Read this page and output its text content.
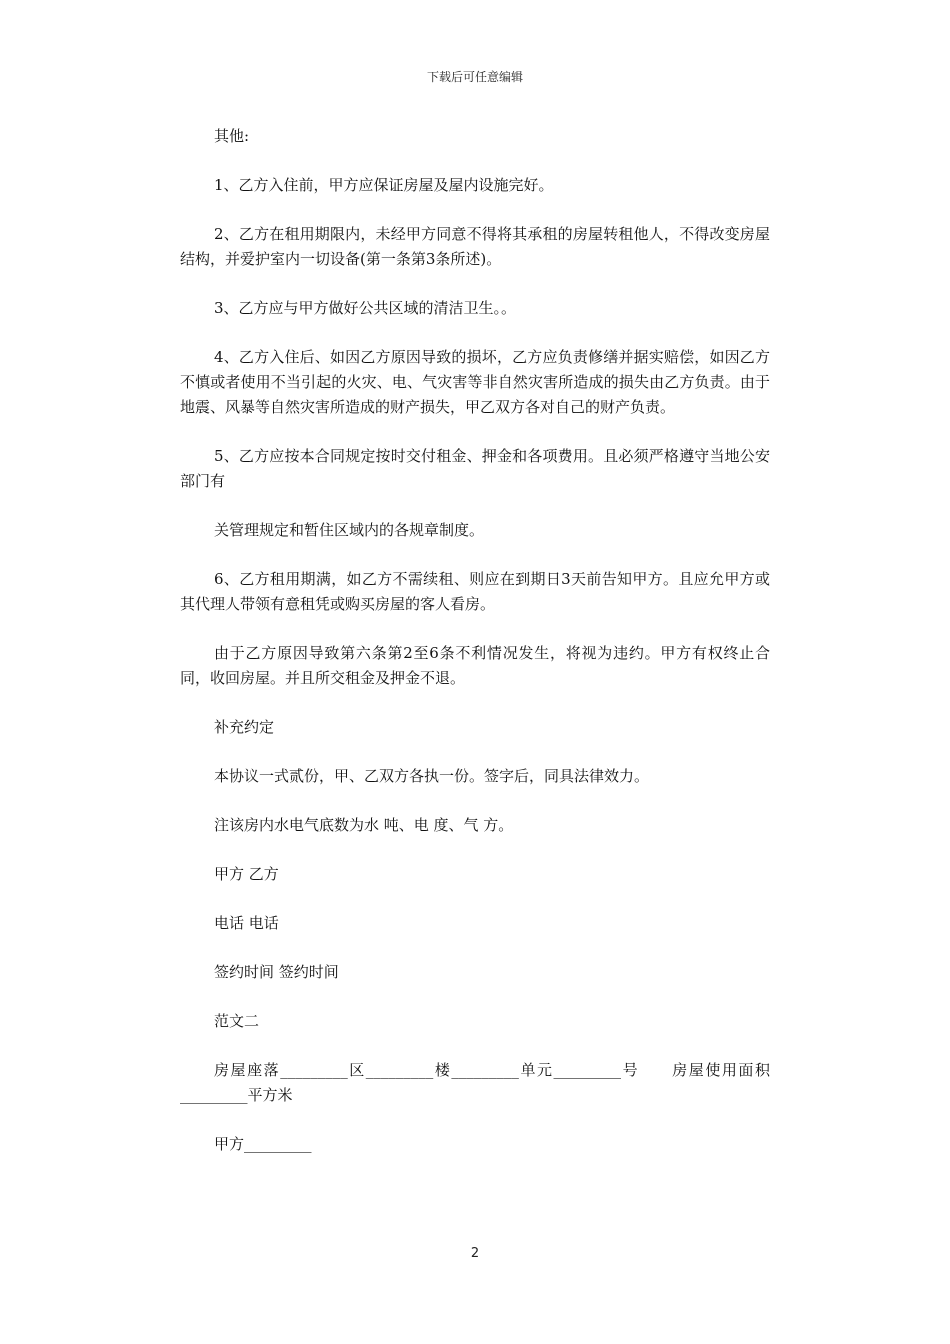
下载后可任意编辑

其他:

1、乙方入住前，甲方应保证房屋及屋内设施完好。

2、乙方在租用期限内，未经甲方同意不得将其承租的房屋转租他人，不得改变房屋结构，并爱护室内一切设备(第一条第3条所述)。

3、乙方应与甲方做好公共区域的清洁卫生。。

4、乙方入住后、如因乙方原因导致的损坏，乙方应负责修缮并据实赔偿，如因乙方不慎或者使用不当引起的火灾、电、气灾害等非自然灾害所造成的损失由乙方负责。由于地震、风暴等自然灾害所造成的财产损失，甲乙双方各对自己的财产负责。

5、乙方应按本合同规定按时交付租金、押金和各项费用。且必须严格遵守当地公安部门有

关管理规定和暂住区域内的各规章制度。

6、乙方租用期满，如乙方不需续租、则应在到期日3天前告知甲方。且应允甲方或其代理人带领有意租凭或购买房屋的客人看房。

由于乙方原因导致第六条第2至6条不利情况发生，将视为违约。甲方有权终止合同，收回房屋。并且所交租金及押金不退。

补充约定

本协议一式贰份，甲、乙双方各执一份。签字后，同具法律效力。

注该房内水电气底数为水 吨、电 度、气 方。

甲方 乙方

电话 电话

签约时间 签约时间

范文二

房屋座落_________区_________楼_________单元_________号　　房屋使用面积_________平方米

甲方_________

2
